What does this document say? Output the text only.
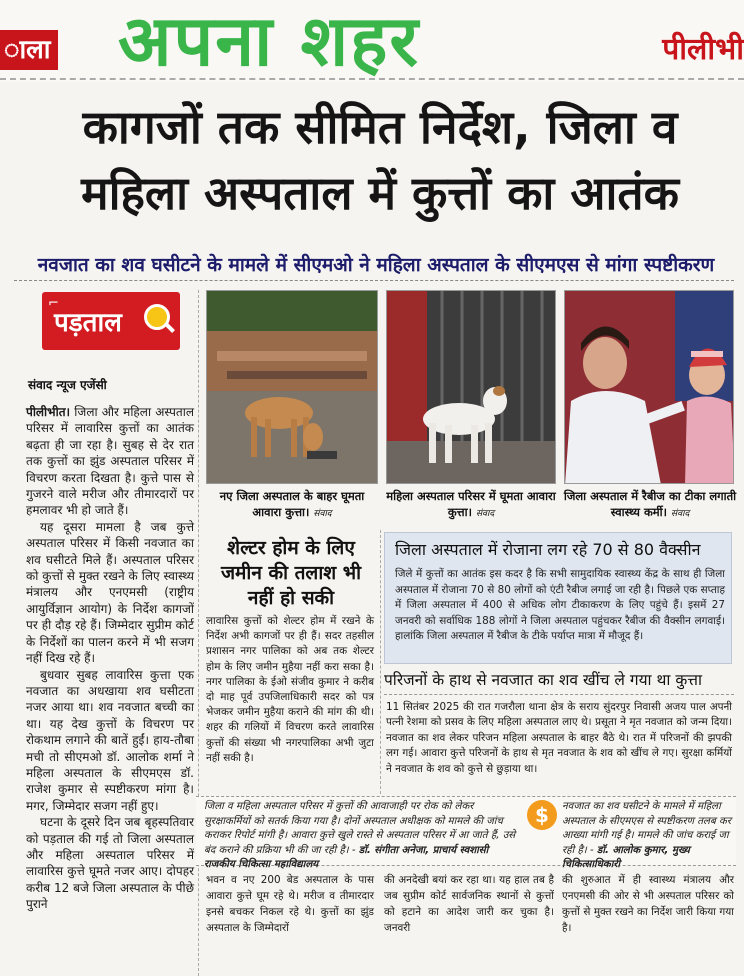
ाला अपना शहर	पीलीभी
कागजों तक सीमित निर्देश, जिला व
महिला अस्पताल में कुत्तों का आतंक
नवजात का शव घसीटने के मामले में सीएमओ ने महिला अस्पताल के सीएमएस से मांगा स्पष्टीकरण
⌐
पड़ताल
संवाद न्यूज एजेंसी

पीलीभीत। जिला और महिला अस्पताल परिसर में लावारिस कुत्तों का आतंक बढ़ता ही जा रहा है। सुबह से देर रात तक कुत्तों का झुंड अस्पताल परिसर में विचरण करता दिखता है। कुत्ते पास से गुजरने वाले मरीज और तीमारदारों पर हमलावर भी हो जाते हैं।

यह दूसरा मामला है जब कुत्ते अस्पताल परिसर में किसी नवजात का शव घसीटते मिले हैं। अस्पताल परिसर को कुत्तों से मुक्त रखने के लिए स्वास्थ्य मंत्रालय और एनएमसी (राष्ट्रीय आयुर्विज्ञान आयोग) के निर्देश कागजों पर ही दौड़ रहे हैं। जिम्मेदार सुप्रीम कोर्ट के निर्देशों का पालन करने में भी सजग नहीं दिख रहे हैं।

बुधवार सुबह लावारिस कुत्ता एक नवजात का अधखाया शव घसीटता नजर आया था। शव नवजात बच्ची का था। यह देख कुत्तों के विचरण पर रोकथाम लगाने की बातें हुईं। हाय-तौबा मची तो सीएमओ डॉ. आलोक शर्मा ने महिला अस्पताल के सीएमएस डॉ. राजेश कुमार से स्पष्टीकरण मांगा है। मगर, जिम्मेदार सजग नहीं हुए।

घटना के दूसरे दिन जब बृहस्पतिवार को पड़ताल की गई तो जिला अस्पताल और महिला अस्पताल परिसर में लावारिस कुत्ते घूमते नजर आए। दोपहर करीब 12 बजे जिला अस्पताल के पीछे पुराने

नए जिला अस्पताल के बाहर घूमता आवारा कुत्ता। संवाद
महिला अस्पताल परिसर में घूमता आवारा कुत्ता। संवाद
जिला अस्पताल में रैबीज का टीका लगाती स्वास्थ्य कर्मी। संवाद
शेल्टर होम के लिए जमीन की तलाश भी नहीं हो सकी
लावारिस कुत्तों को शेल्टर होम में रखने के निर्देश अभी कागजों पर ही हैं। सदर तहसील प्रशासन नगर पालिका को अब तक शेल्टर होम के लिए जमीन मुहैया नहीं करा सका है। नगर पालिका के ईओ संजीव कुमार ने करीब दो माह पूर्व उपजिलाधिकारी सदर को पत्र भेजकर जमीन मुहैया कराने की मांग की थी। शहर की गलियों में विचरण करते लावारिस कुत्तों की संख्या भी नगरपालिका अभी जुटा नहीं सकी है।
जिला अस्पताल में रोजाना लग रहे 70 से 80 वैक्सीन
जिले में कुत्तों का आतंक इस कदर है कि सभी सामुदायिक स्वास्थ्य केंद्र के साथ ही जिला अस्पताल में रोजाना 70 से 80 लोगों को एंटी रैबीज लगाई जा रही है। पिछले एक सप्ताह में जिला अस्पताल में 400 से अधिक लोग टीकाकरण के लिए पहुंचे हैं। इसमें 27 जनवरी को सर्वाधिक 188 लोगों ने जिला अस्पताल पहुंचकर रैबीज की वैक्सीन लगवाई। हालांकि जिला अस्पताल में रैबीज के टीके पर्याप्त मात्रा में मौजूद हैं।
परिजनों के हाथ से नवजात का शव खींच ले गया था कुत्ता
11 सितंबर 2025 की रात गजरौला थाना क्षेत्र के सराय सुंदरपुर निवासी अजय पाल अपनी पत्नी रेशमा को प्रसव के लिए महिला अस्पताल लाए थे। प्रसूता ने मृत नवजात को जन्म दिया। नवजात का शव लेकर परिजन महिला अस्पताल के बाहर बैठे थे। रात में परिजनों की झपकी लग गई। आवारा कुत्ते परिजनों के हाथ से मृत नवजात के शव को खींच ले गए। सुरक्षा कर्मियों ने नवजात के शव को कुत्ते से छुड़ाया था।
जिला व महिला अस्पताल परिसर में कुत्तों की आवाजाही पर रोक को लेकर सुरक्षाकर्मियों को सतर्क किया गया है। दोनों अस्पताल अधीक्षक को मामले की जांच कराकर रिपोर्ट मांगी है। आवारा कुत्ते खुले रास्ते से अस्पताल परिसर में आ जाते हैं, उसे बंद कराने की प्रक्रिया भी की जा रही है। - डॉ. संगीता अनेजा, प्राचार्य स्वशासी राजकीय चिकित्सा महाविद्यालय
$	नवजात का शव घसीटने के मामले में महिला अस्पताल के सीएमएस से स्पष्टीकरण तलब कर आख्या मांगी गई है। मामले की जांच कराई जा रही है। - डॉ. आलोक कुमार, मुख्य चिकित्साधिकारी
भवन व नए 200 बेड अस्पताल के पास आवारा कुत्ते घूम रहे थे। मरीज व तीमारदार इनसे बचकर निकल रहे थे। कुत्तों का झुंड अस्पताल के जिम्मेदारों
की अनदेखी बयां कर रहा था। यह हाल तब है जब सुप्रीम कोर्ट सार्वजनिक स्थानों से कुत्तों को हटाने का आदेश जारी कर चुका है। जनवरी
की शुरुआत में ही स्वास्थ्य मंत्रालय और एनएमसी की ओर से भी अस्पताल परिसर को कुत्तों से मुक्त रखने का निर्देश जारी किया गया है।
